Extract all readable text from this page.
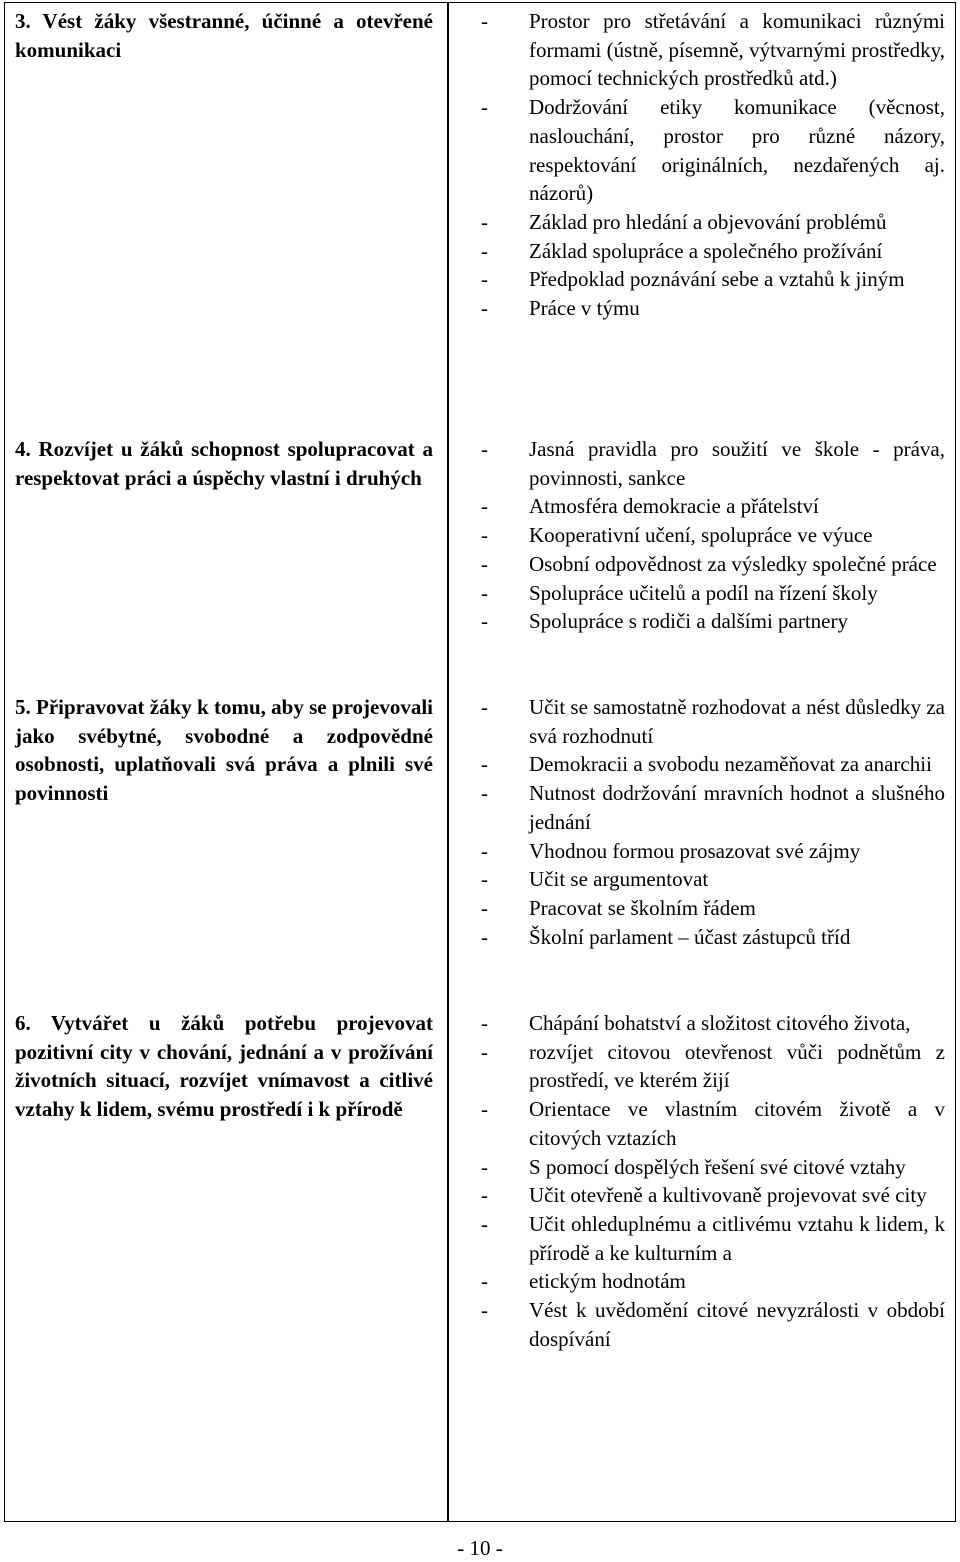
3. Vést žáky všestranné, účinné a otevřené komunikaci
- Prostor pro střetávání a komunikaci různými formami (ústně, písemně, výtvarnými prostředky, pomocí technických prostředků atd.)
- Dodržování etiky komunikace (věcnost, naslouchání, prostor pro různé názory, respektování originálních, nezdařených aj. názorů)
- Základ pro hledání a objevování problémů
- Základ spolupráce a společného prožívání
- Předpoklad poznávání sebe a vztahů k jiným
- Práce v týmu
4. Rozvíjet u žáků schopnost spolupracovat a respektovat práci a úspěchy vlastní i druhých
- Jasná pravidla pro soužití ve škole - práva, povinnosti, sankce
- Atmosféra demokracie a přátelství
- Kooperativní učení, spolupráce ve výuce
- Osobní odpovědnost za výsledky společné práce
- Spolupráce učitelů a podíl na řízení školy
- Spolupráce s rodiči a dalšími partnery
5. Připravovat žáky k tomu, aby se projevovali jako svébytné, svobodné a zodpovědné osobnosti, uplatňovali svá práva a plnili své povinnosti
- Učit se samostatně rozhodovat a nést důsledky za svá rozhodnutí
- Demokracii a svobodu nezaměňovat za anarchii
- Nutnost dodržování mravních hodnot a slušného jednání
- Vhodnou formou prosazovat své zájmy
- Učit se argumentovat
- Pracovat se školním řádem
- Školní parlament – účast zástupců tříd
6. Vytvářet u žáků potřebu projevovat pozitivní city v chování, jednání a v prožívání životních situací, rozvíjet vnímavost a citlivé vztahy k lidem, svému prostředí i k přírodě
- Chápání bohatství a složitost citového života,
- rozvíjet citovou otevřenost vůči podnětům z prostředí, ve kterém žijí
- Orientace ve vlastním citovém životě a v citových vztazích
- S pomocí dospělých řešení své citové vztahy
- Učit otevřeně a kultivovaně projevovat své city
- Učit ohleduplnému a citlivému vztahu k lidem, k přírodě a ke kulturním a
- etickým hodnotám
- Vést k uvědomění citové nevyzrálosti v období dospívání
- 10 -
